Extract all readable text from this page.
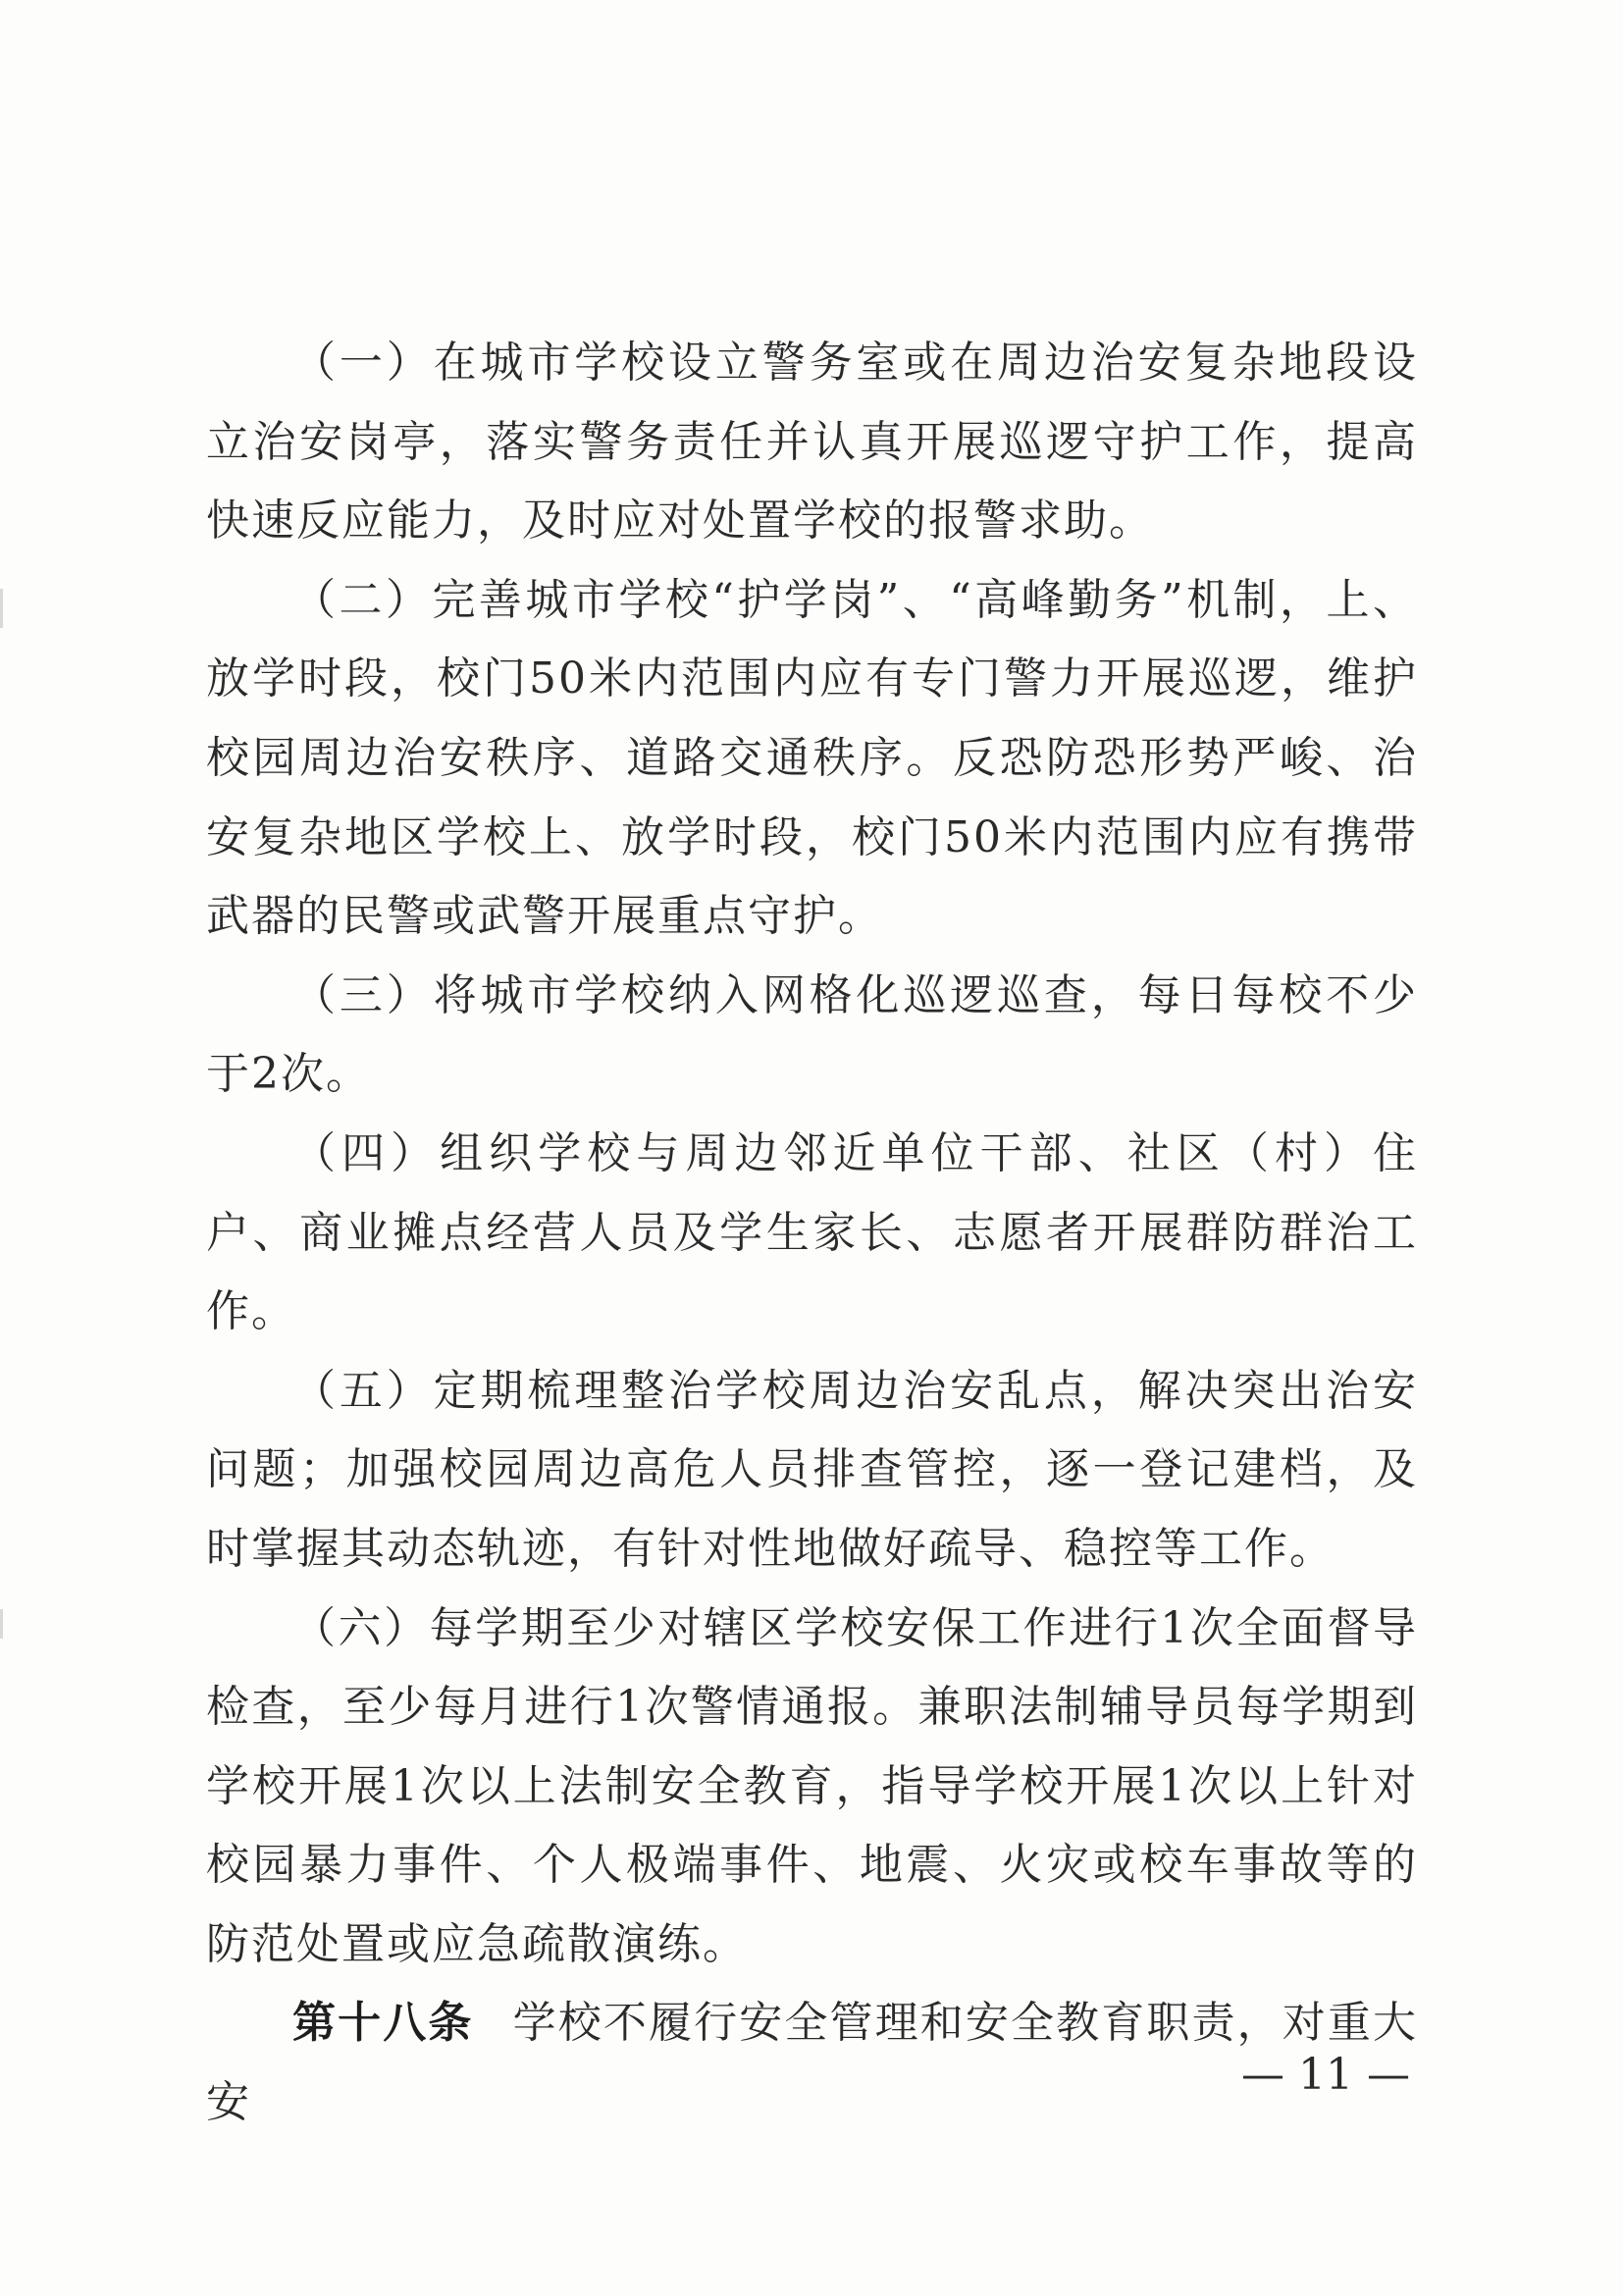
（一）在城市学校设立警务室或在周边治安复杂地段设立治安岗亭，落实警务责任并认真开展巡逻守护工作，提高快速反应能力，及时应对处置学校的报警求助。

（二）完善城市学校“护学岗”、“高峰勤务”机制，上、放学时段，校门50米内范围内应有专门警力开展巡逻，维护校园周边治安秩序、道路交通秩序。反恐防恐形势严峻、治安复杂地区学校上、放学时段，校门50米内范围内应有携带武器的民警或武警开展重点守护。

（三）将城市学校纳入网格化巡逻巡查，每日每校不少于2次。

（四）组织学校与周边邻近单位干部、社区（村）住户、商业摊点经营人员及学生家长、志愿者开展群防群治工作。

（五）定期梳理整治学校周边治安乱点，解决突出治安问题；加强校园周边高危人员排查管控，逐一登记建档，及时掌握其动态轨迹，有针对性地做好疏导、稳控等工作。

（六）每学期至少对辖区学校安保工作进行1次全面督导检查，至少每月进行1次警情通报。兼职法制辅导员每学期到学校开展1次以上法制安全教育，指导学校开展1次以上针对校园暴力事件、个人极端事件、地震、火灾或校车事故等的防范处置或应急疏散演练。

第十八条 学校不履行安全管理和安全教育职责，对重大安

— 11 —
